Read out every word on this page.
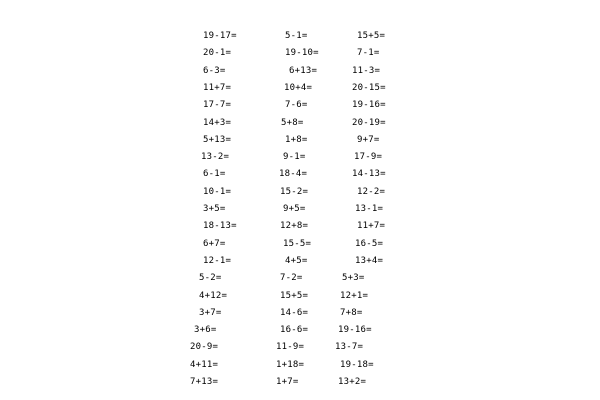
19-17=	5-1=	15+5=
20-1=	19-10=	7-1=
6-3=	6+13=	11-3=
11+7=	10+4=	20-15=
17-7=	7-6=	19-16=
14+3=	5+8=	20-19=
5+13=	1+8=	9+7=
13-2=	9-1=	17-9=
6-1=	18-4=	14-13=
10-1=	15-2=	12-2=
3+5=	9+5=	13-1=
18-13=	12+8=	11+7=
6+7=	15-5=	16-5=
12-1=	4+5=	13+4=
5-2=	7-2=	5+3=
4+12=	15+5=	12+1=
3+7=	14-6=	7+8=
3+6=	16-6=	19-16=
20-9=	11-9=	13-7=
4+11=	1+18=	19-18=
7+13=	1+7=	13+2=
